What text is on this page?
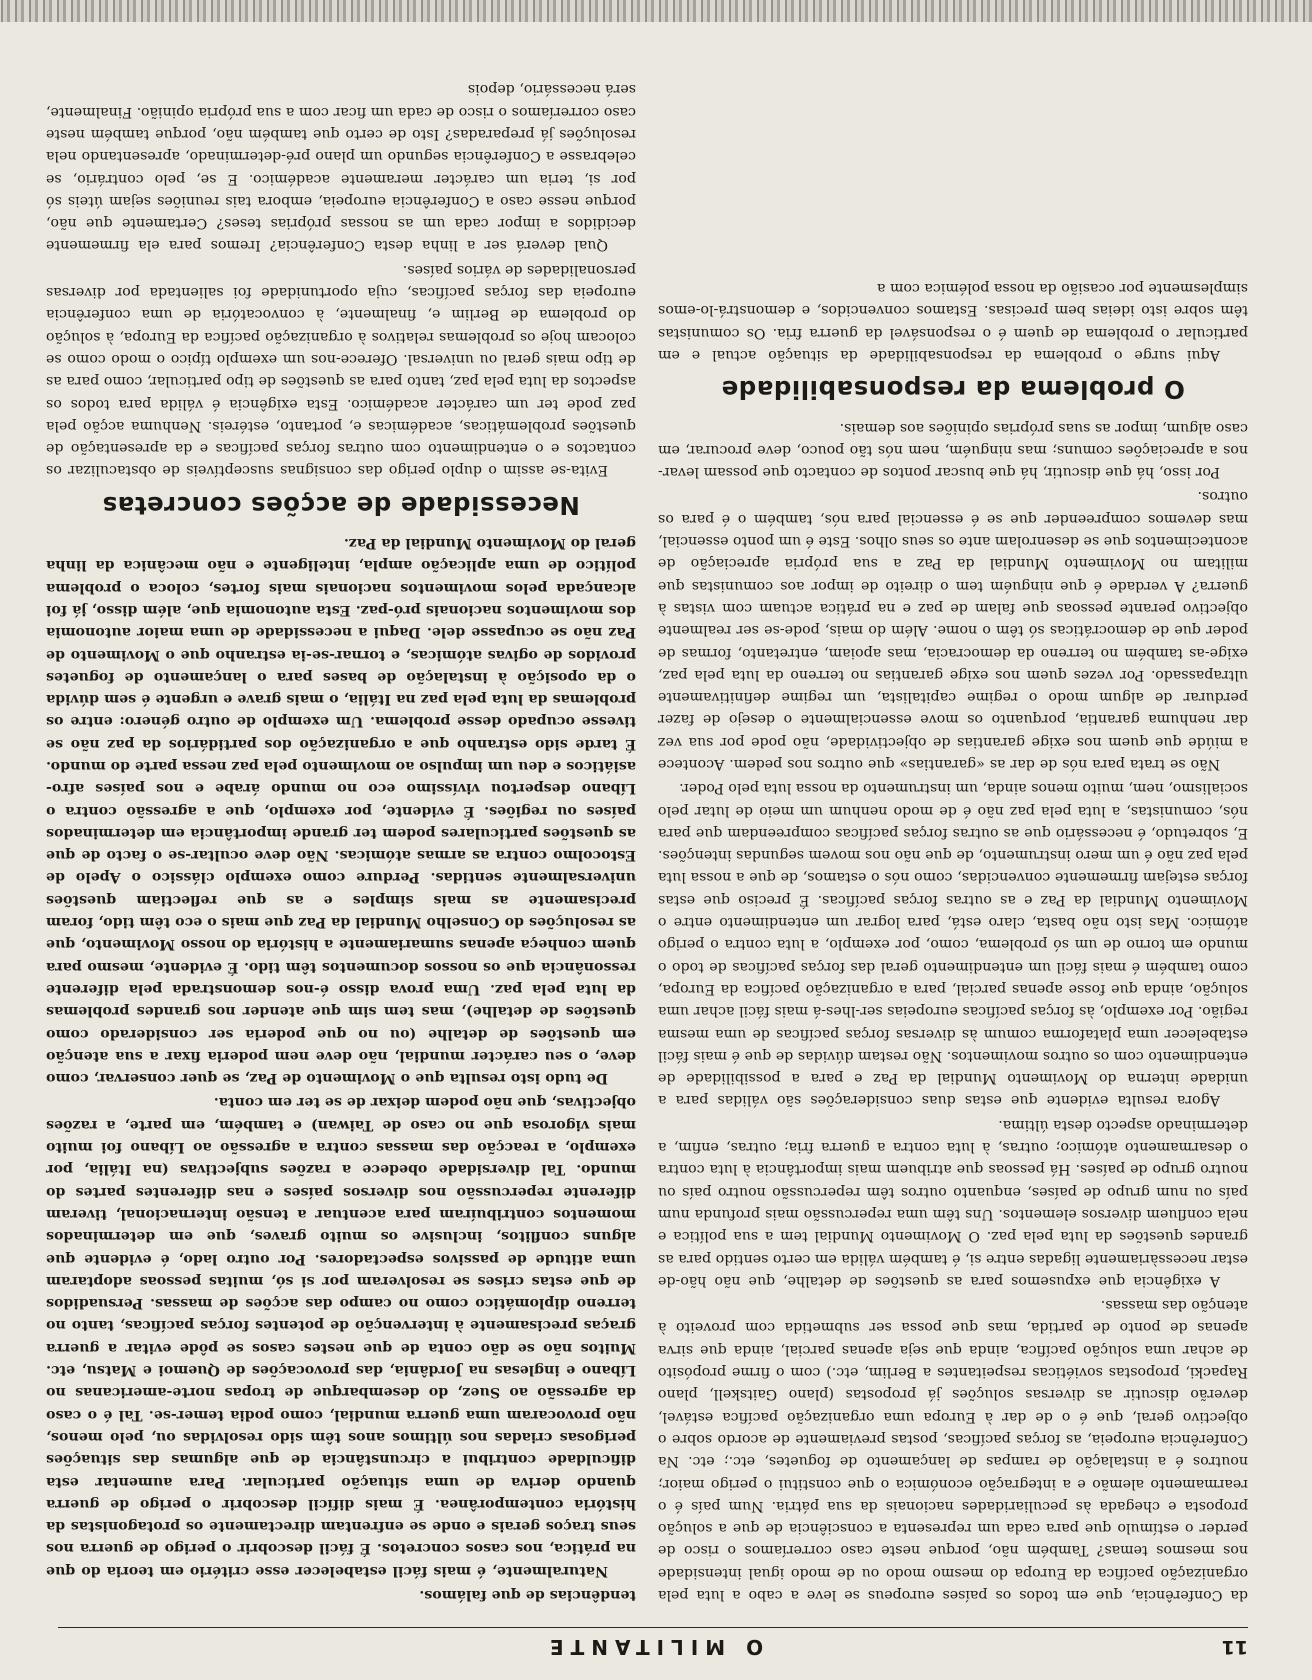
11
O MILITANTE

da Conferência, que em todos os países europeus se leve a cabo a luta pela organização pacífica da Europa do mesmo modo ou de modo igual intensidade nos mesmos temas? Também não, porque neste caso correríamos o risco de perder o estímulo que para cada um representa a consciência de que a solução proposta e chegada às peculiaridades nacionais da sua pátria. Num país é o rearmamento alemão e a integração económica o que constitui o perigo maior; noutros é a instalação de rampas de lançamento de foguetes, etc.; etc. Na Conferência europeia, as forças pacíficas, postas previamente de acordo sobre o objectivo geral, que é o de dar à Europa uma organização pacífica estável, deverão discutir as diversas soluções já propostas (plano Gaitskell, plano Rapacki, propostas soviéticas respeitantes a Berlim, etc.) com o firme propósito de achar uma solução pacífica, ainda que seja apenas parcial, ainda que sirva apenas de ponto de partida, mas que possa ser submetida com proveito à atenção das massas.

A exigência que expusemos para as questões de detalhe, que não hão-de estar necessàriamente ligadas entre si, é também válida em certo sentido para as grandes questões da luta pela paz. O Movimento Mundial tem a sua política e nela confluem diversos elementos. Uns têm uma repercussão mais profunda num país ou num grupo de países, enquanto outros têm repercussão noutro país ou noutro grupo de países. Há pessoas que atribuem mais importância à luta contra o desarmamento atómico; outras, à luta contra a guerra fria; outras, enfim, a determinado aspecto desta última.

Agora resulta evidente que estas duas considerações são válidas para a unidade interna do Movimento Mundial da Paz e para a possibilidade de entendimento com os outros movimentos. Não restam dúvidas de que é mais fácil estabelecer uma plataforma comum às diversas forças pacíficas de uma mesma região. Por exemplo, às forças pacíficas europeias ser-lhes-á mais fácil achar uma solução, ainda que fosse apenas parcial, para a organização pacífica da Europa, como também é mais fácil um entendimento geral das forças pacíficas de todo o mundo em torno de um só problema, como, por exemplo, a luta contra o perigo atómico. Mas isto não basta, claro está, para lograr um entendimento entre o Movimento Mundial da Paz e as outras forças pacíficas. É preciso que estas forças estejam firmemente convencidas, como nós o estamos, de que a nossa luta pela paz não é um mero instrumento, de que não nos movem segundas intenções. E, sobretudo, é necessário que as outras forças pacíficas compreendam que para nós, comunistas, a luta pela paz não é de modo nenhum um meio de lutar pelo socialismo, nem, muito menos ainda, um instrumento da nossa luta pelo Poder.

Não se trata para nós de dar as «garantias» que outros nos pedem. Acontece a miúde que quem nos exige garantias de objectividade, não pode por sua vez dar nenhuma garantia, porquanto os move essencialmente o desejo de fazer perdurar de algum modo o regime capitalista, um regime definitivamente ultrapassado. Por vezes quem nos exige garantias no terreno da luta pela paz, exige-as também no terreno da democracia, mas apoiam, entretanto, formas de poder que de democráticas só têm o nome. Além do mais, pode-se ser realmente objectivo perante pessoas que falam de paz e na prática actuam com vistas à guerra? A verdade é que ninguém tem o direito de impor aos comunistas que militam no Movimento Mundial da Paz a sua própria apreciação de acontecimentos que se desenrolam ante os seus olhos. Este é um ponto essencial, mas devemos compreender que se é essencial para nós, também o é para os outros.

Por isso, há que discutir, há que buscar pontos de contacto que possam levar-nos a apreciações comuns; mas ninguém, nem nós tão pouco, deve procurar, em caso algum, impor as suas próprias opiniões aos demais.

O problema da responsabilidade

Aqui surge o problema da responsabilidade da situação actual e em particular o problema de quem é o responsável da guerra fria. Os comunistas têm sobre isto ideias bem precisas. Estamos convencidos, e demonstrá-lo-emos simplesmente por ocasião da nossa polémica com a

tendências de que falámos.

Naturalmente, é mais fácil estabelecer esse critério em teoria do que na prática, nos casos concretos. É fácil descobrir o perigo de guerra nos seus traços gerais e onde se enfrentam directamente os protagonistas da história contemporânea. É mais difícil descobrir o perigo de guerra quando deriva de uma situação particular. Para aumentar esta dificuldade contribui a circunstância de que algumas das situações perigosas criadas nos últimos anos têm sido resolvidas ou, pelo menos, não provocaram uma guerra mundial, como podia temer-se. Tal é o caso da agressão ao Suez, do desembarque de tropas norte-americanas no Líbano e inglesas na Jordânia, das provocações de Quemoi e Matsu, etc. Muitos não se dão conta de que nestes casos se pôde evitar a guerra graças precisamente à intervenção de potentes forças pacíficas, tanto no terreno diplomático como no campo das acções de massas. Persuadidos de que estas crises se resolveram por si só, muitas pessoas adoptaram uma atitude de passivos espectadores. Por outro lado, é evidente que alguns conflitos, inclusive os muito graves, que em determinados momentos contribuíram para acentuar a tensão internacional, tiveram diferente repercussão nos diversos países e nas diferentes partes do mundo. Tal diversidade obedece a razões subjectivas (na Itália, por exemplo, a reacção das massas contra a agressão ao Líbano foi muito mais vigorosa que no caso de Taiwan) e também, em parte, a razões objectivas, que não podem deixar de se ter em conta.

De tudo isto resulta que o Movimento de Paz, se quer conservar, como deve, o seu carácter mundial, não deve nem poderia fixar a sua atenção em questões de detalhe (ou no que poderia ser considerado como questões de detalhe), mas tem sim que atender nos grandes problemas da luta pela paz. Uma prova disso é-nos demonstrada pela diferente ressonância que os nossos documentos têm tido. É evidente, mesmo para quem conheça apenas sumariamente a história do nosso Movimento, que as resoluções do Conselho Mundial da Paz que mais o eco têm tido, foram precisamente as mais simples e as que reflectiam questões universalmente sentidas. Perdure como exemplo clássico o Apelo de Estocolmo contra as armas atómicas. Não deve ocultar-se o facto de que as questões particulares podem ter grande importância em determinados países ou regiões. É evidente, por exemplo, que a agressão contra o Líbano despertou vivíssimo eco no mundo árabe e nos países afro-asiáticos e deu um impulso ao movimento pela paz nessa parte do mundo. É tarde sido estranho que a organização dos partidários da paz não se tivesse ocupado desse problema. Um exemplo de outro género: entre os problemas da luta pela paz na Itália, o mais grave e urgente é sem dúvida o da oposição à instalação de bases para o lançamento de foguetes providos de ogivas atómicas, e tornar-se-ia estranho que o Movimento de Paz não se ocupasse dele. Daqui a necessidade de uma maior autonomia dos movimentos nacionais pró-paz. Esta autonomia que, além disso, já foi alcançada pelos movimentos nacionais mais fortes, coloca o problema político de uma aplicação ampla, inteligente e não mecânica da linha geral do Movimento Mundial da Paz.

Necessidade de acções concretas

Evita-se assim o duplo perigo das consignas susceptíveis de obstaculizar os contactos e o entendimento com outras forças pacíficas e da apresentação de questões problemáticas, académicas e, portanto, estéreis. Nenhuma acção pela paz pode ter um carácter académico. Esta exigência é válida para todos os aspectos da luta pela paz, tanto para as questões de tipo particular, como para as de tipo mais geral ou universal. Oferece-nos um exemplo típico o modo como se colocam hoje os problemas relativos à organização pacífica da Europa, à solução do problema de Berlim e, finalmente, à convocatória de uma conferência europeia das forças pacíficas, cuja oportunidade foi salientada por diversas personalidades de vários países.

Qual deverá ser a linha desta Conferência? Iremos para ela firmemente decididos a impor cada um as nossas próprias teses? Certamente que não, porque nesse caso a Conferência europeia, embora tais reuniões sejam úteis só por si, teria um carácter meramente académico. E se, pelo contrário, se celebrasse a Conferência segundo um plano pré-determinado, apresentando nela resoluções já preparadas? Isto de certo que também não, porque também neste caso correríamos o risco de cada um ficar com a sua própria opinião. Finalmente, será necessário, depois
